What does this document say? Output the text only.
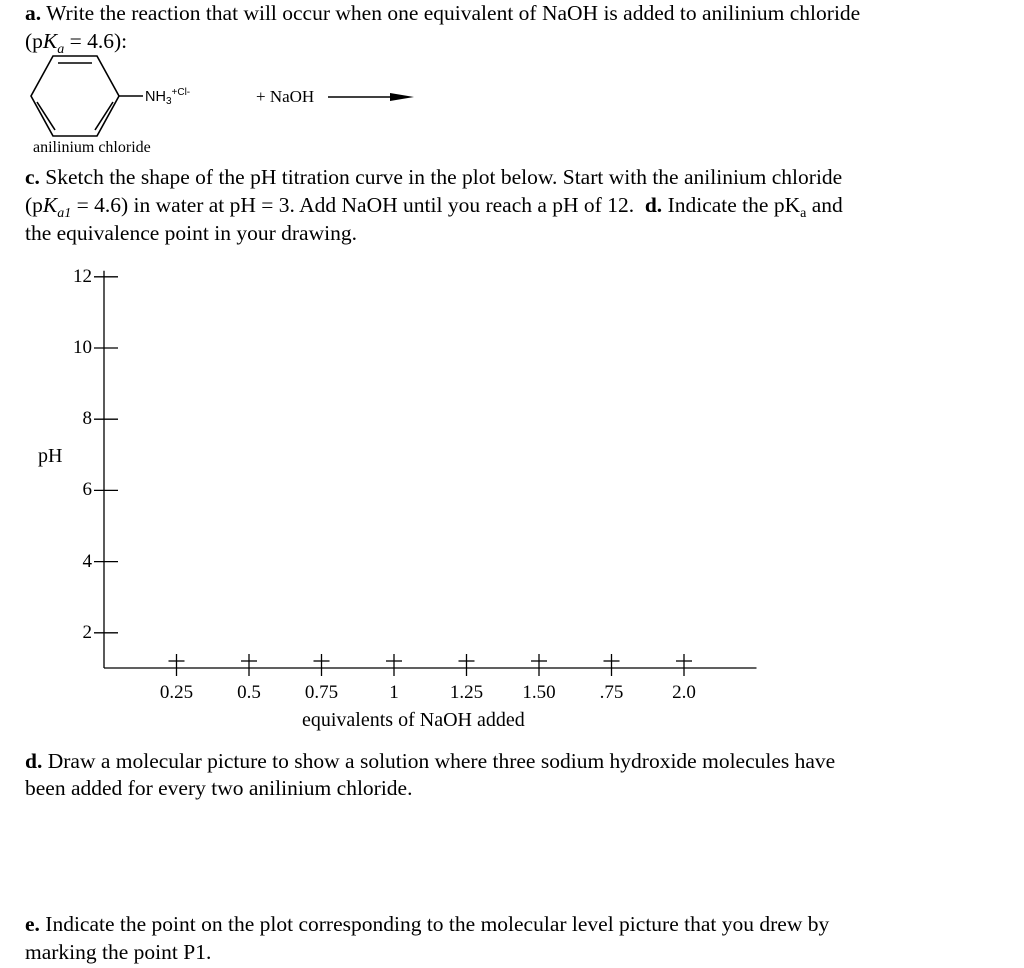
a. Write the reaction that will occur when one equivalent of NaOH is added to anilinium chloride
$(pK_a = 4.6)$:
$NH_3^{+Cl-}$	+ NaOH
anilinium chloride
c. Sketch the shape of the pH titration curve in the plot below. Start with the anilinium chloride
$(pK_{a1} = 4.6)$ in water at pH = 3. Add NaOH until you reach a pH of 12. d. Indicate the $pK_a$ and
the equivalence point in your drawing.
2
4
6
8
10
12
0.25	0.5	0.75	1	1.25	1.50	.75	2.0
pH
equivalents of NaOH added
d. Draw a molecular picture to show a solution where three sodium hydroxide molecules have
been added for every two anilinium chloride.
e. Indicate the point on the plot corresponding to the molecular level picture that you drew by
marking the point P1.
